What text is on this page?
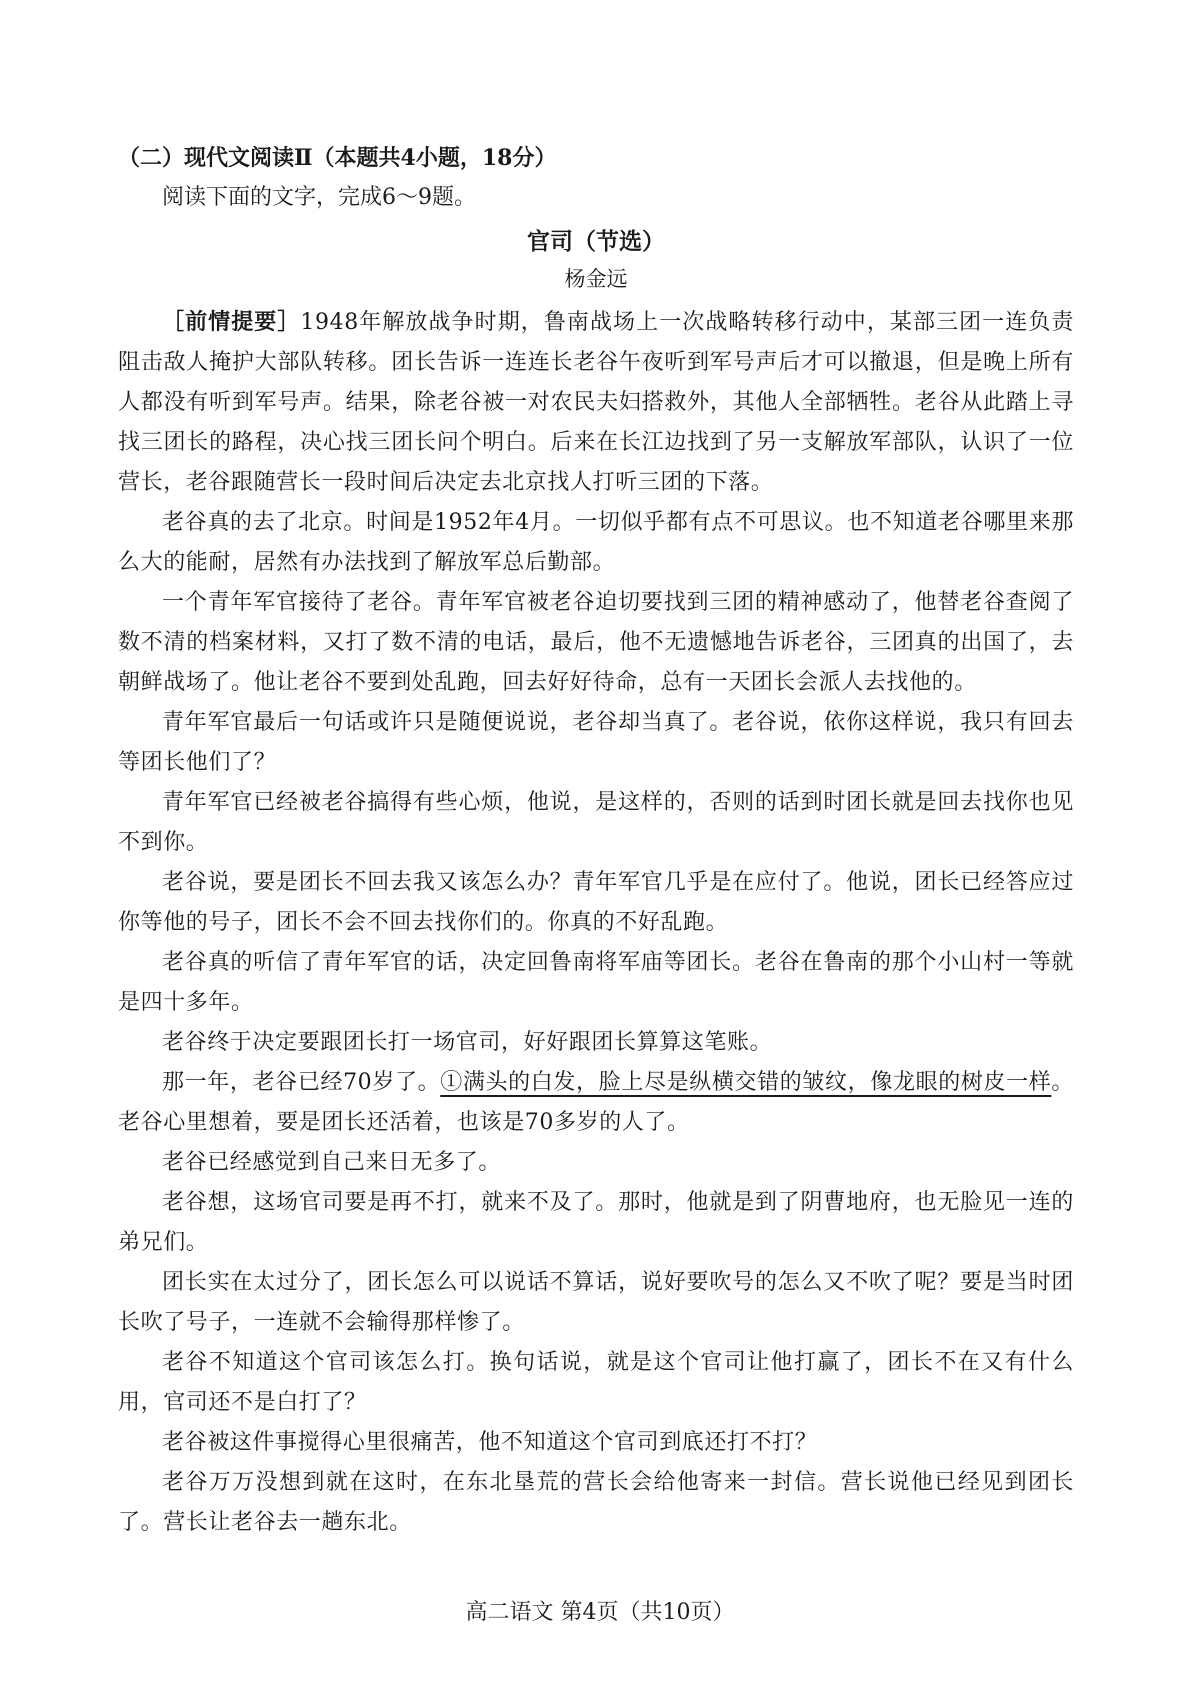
（二）现代文阅读Ⅱ（本题共4小题，18分）

阅读下面的文字，完成6～9题。

官司（节选）

杨金远

［前情提要］1948年解放战争时期，鲁南战场上一次战略转移行动中，某部三团一连负责阻击敌人掩护大部队转移。团长告诉一连连长老谷午夜听到军号声后才可以撤退，但是晚上所有人都没有听到军号声。结果，除老谷被一对农民夫妇搭救外，其他人全部牺牲。老谷从此踏上寻找三团长的路程，决心找三团长问个明白。后来在长江边找到了另一支解放军部队，认识了一位营长，老谷跟随营长一段时间后决定去北京找人打听三团的下落。

老谷真的去了北京。时间是1952年4月。一切似乎都有点不可思议。也不知道老谷哪里来那么大的能耐，居然有办法找到了解放军总后勤部。

一个青年军官接待了老谷。青年军官被老谷迫切要找到三团的精神感动了，他替老谷查阅了数不清的档案材料，又打了数不清的电话，最后，他不无遗憾地告诉老谷，三团真的出国了，去朝鲜战场了。他让老谷不要到处乱跑，回去好好待命，总有一天团长会派人去找他的。

青年军官最后一句话或许只是随便说说，老谷却当真了。老谷说，依你这样说，我只有回去等团长他们了？

青年军官已经被老谷搞得有些心烦，他说，是这样的，否则的话到时团长就是回去找你也见不到你。

老谷说，要是团长不回去我又该怎么办？青年军官几乎是在应付了。他说，团长已经答应过你等他的号子，团长不会不回去找你们的。你真的不好乱跑。

老谷真的听信了青年军官的话，决定回鲁南将军庙等团长。老谷在鲁南的那个小山村一等就是四十多年。

老谷终于决定要跟团长打一场官司，好好跟团长算算这笔账。

那一年，老谷已经70岁了。①满头的白发，脸上尽是纵横交错的皱纹，像龙眼的树皮一样。老谷心里想着，要是团长还活着，也该是70多岁的人了。

老谷已经感觉到自己来日无多了。

老谷想，这场官司要是再不打，就来不及了。那时，他就是到了阴曹地府，也无脸见一连的弟兄们。

团长实在太过分了，团长怎么可以说话不算话，说好要吹号的怎么又不吹了呢？要是当时团长吹了号子，一连就不会输得那样惨了。

老谷不知道这个官司该怎么打。换句话说，就是这个官司让他打赢了，团长不在又有什么用，官司还不是白打了？

老谷被这件事搅得心里很痛苦，他不知道这个官司到底还打不打？

老谷万万没想到就在这时，在东北垦荒的营长会给他寄来一封信。营长说他已经见到团长了。营长让老谷去一趟东北。

高二语文 第4页（共10页）
